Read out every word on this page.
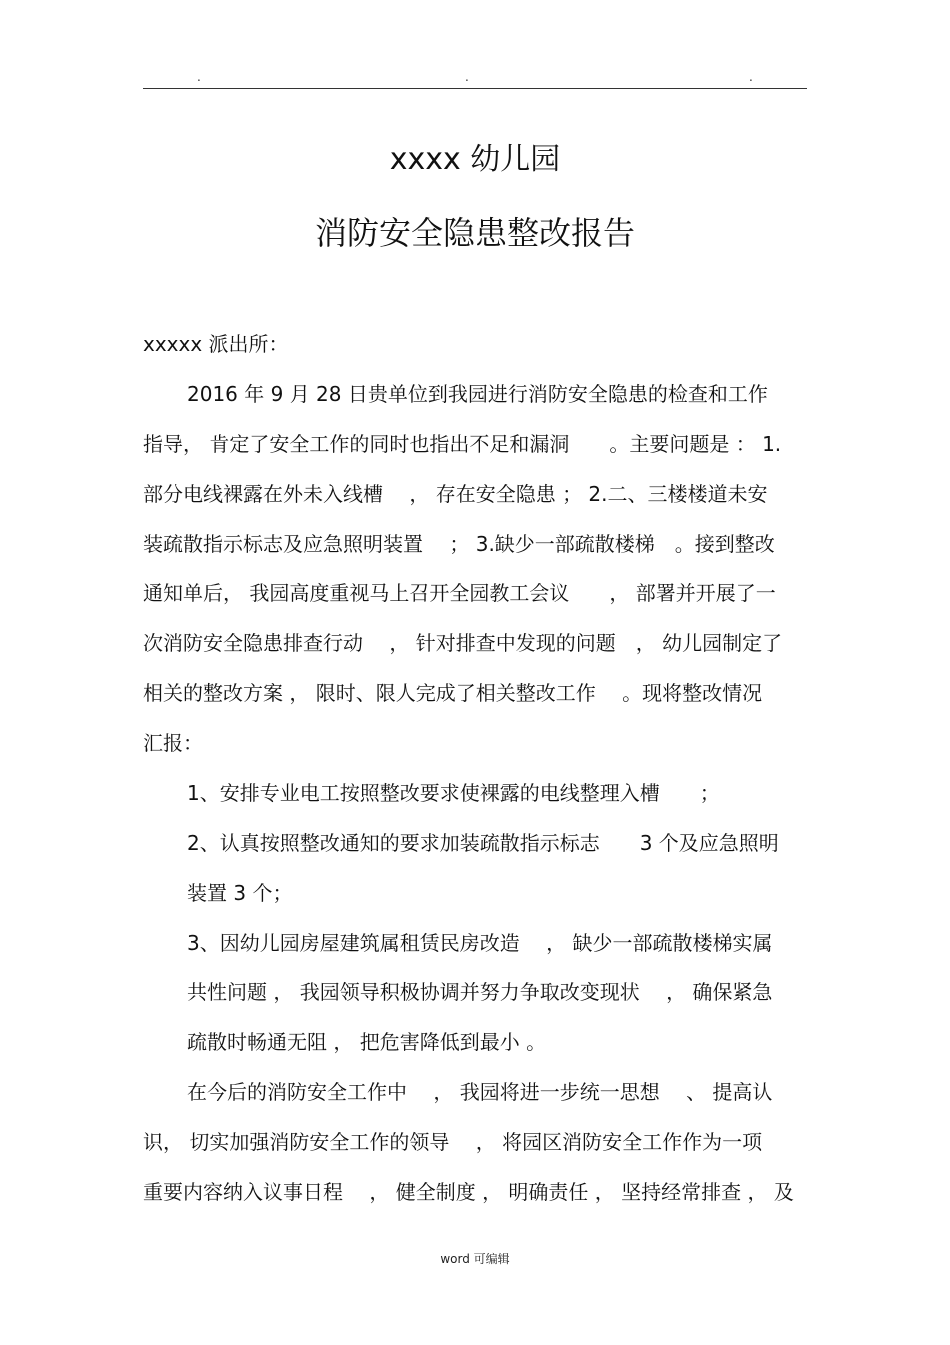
.	.	.
xxxx 幼儿园
消防安全隐患整改报告
xxxxx 派出所：
2016 年 9 月 28 日贵单位到我园进行消防安全隐患的检查和工作
指导， 肯定了安全工作的同时也指出不足和漏洞　　。主要问题是 ： 1.
部分电线裸露在外未入线槽　 ， 存在安全隐患 ； 2.二、三楼楼道未安
装疏散指示标志及应急照明装置　 ； 3.缺少一部疏散楼梯　。接到整改
通知单后， 我园高度重视马上召开全园教工会议　　， 部署并开展了一
次消防安全隐患排查行动　 ， 针对排查中发现的问题　， 幼儿园制定了
相关的整改方案 ， 限时、限人完成了相关整改工作　 。现将整改情况
汇报：
1、安排专业电工按照整改要求使裸露的电线整理入槽　　；
2、认真按照整改通知的要求加装疏散指示标志　　3 个及应急照明
装置 3 个；
3、因幼儿园房屋建筑属租赁民房改造　 ， 缺少一部疏散楼梯实属
共性问题 ， 我园领导积极协调并努力争取改变现状　 ， 确保紧急
疏散时畅通无阻 ， 把危害降低到最小 。
在今后的消防安全工作中　 ， 我园将进一步统一思想　 、 提高认
识， 切实加强消防安全工作的领导　 ， 将园区消防安全工作作为一项
重要内容纳入议事日程　 ， 健全制度 ， 明确责任 ， 坚持经常排查 ， 及
word 可编辑
